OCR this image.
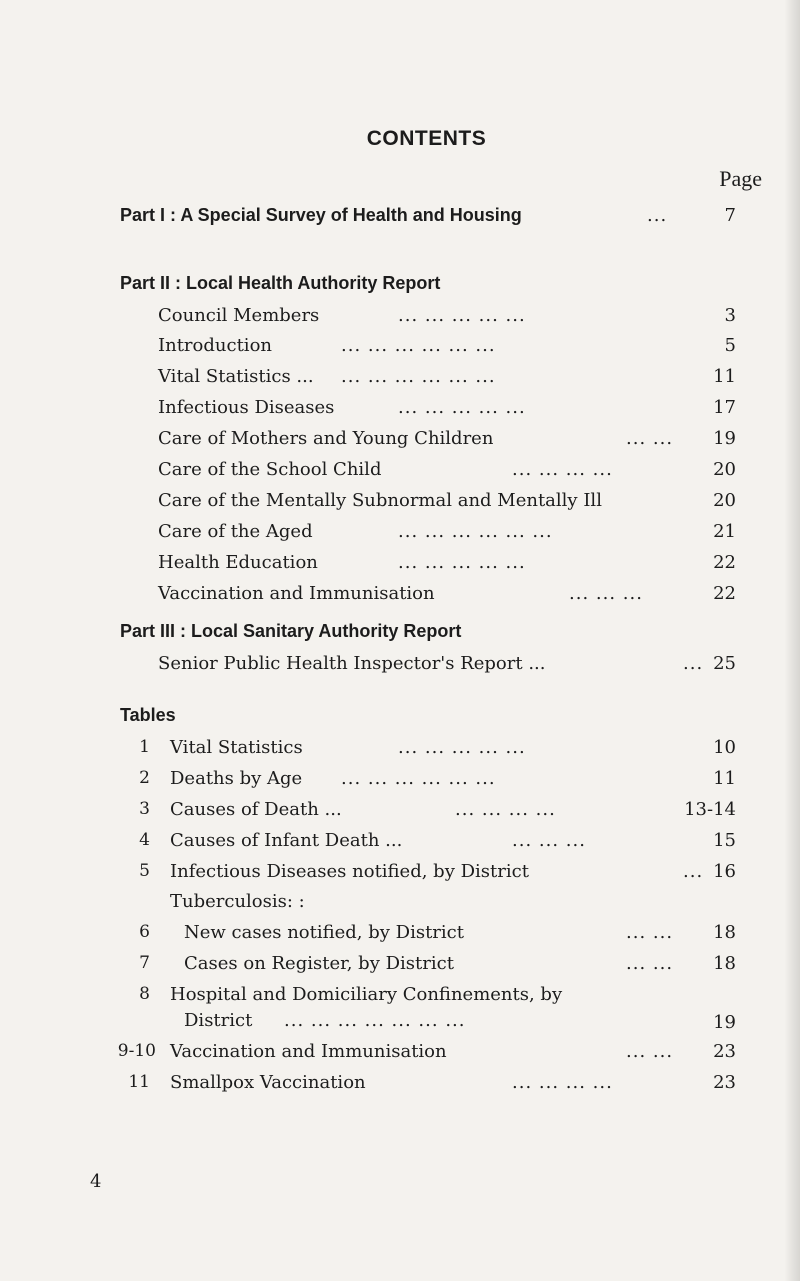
CONTENTS
Page
Part I : A Special Survey of Health and Housing	...	7
Part II : Local Health Authority Report
Council Members	... ... ... ... ...	3
Introduction	... ... ... ... ... ...	5
Vital Statistics ... ... ... ... ... ... ...	11
Infectious Diseases	... ... ... ... ...	17
Care of Mothers and Young Children	... ... 19
Care of the School Child	... ... ... ...	20
Care of the Mentally Subnormal and Mentally Ill	20
Care of the Aged	... ... ... ... ... ...	21
Health Education	... ... ... ... ...	22
Vaccination and Immunisation	... ... ...	22
Part III : Local Sanitary Authority Report
Senior Public Health Inspector's Report ...	... 25
Tables
1 Vital Statistics	... ... ... ... ...	10
2 Deaths by Age ... ... ... ... ... ...	11
3 Causes of Death ...	... ... ... ...	13-14
4 Causes of Infant Death ...	... ... ...	15
5 Infectious Diseases notified, by District	... 16
Tuberculosis: :
6 New cases notified, by District	... ... 18
7 Cases on Register, by District	... ... 18
8 Hospital and Domiciliary Confinements, by
District ... ... ... ... ... ... ...	19
9-10 Vaccination and Immunisation	... ... 23
11 Smallpox Vaccination	... ... ... ...	23
4
